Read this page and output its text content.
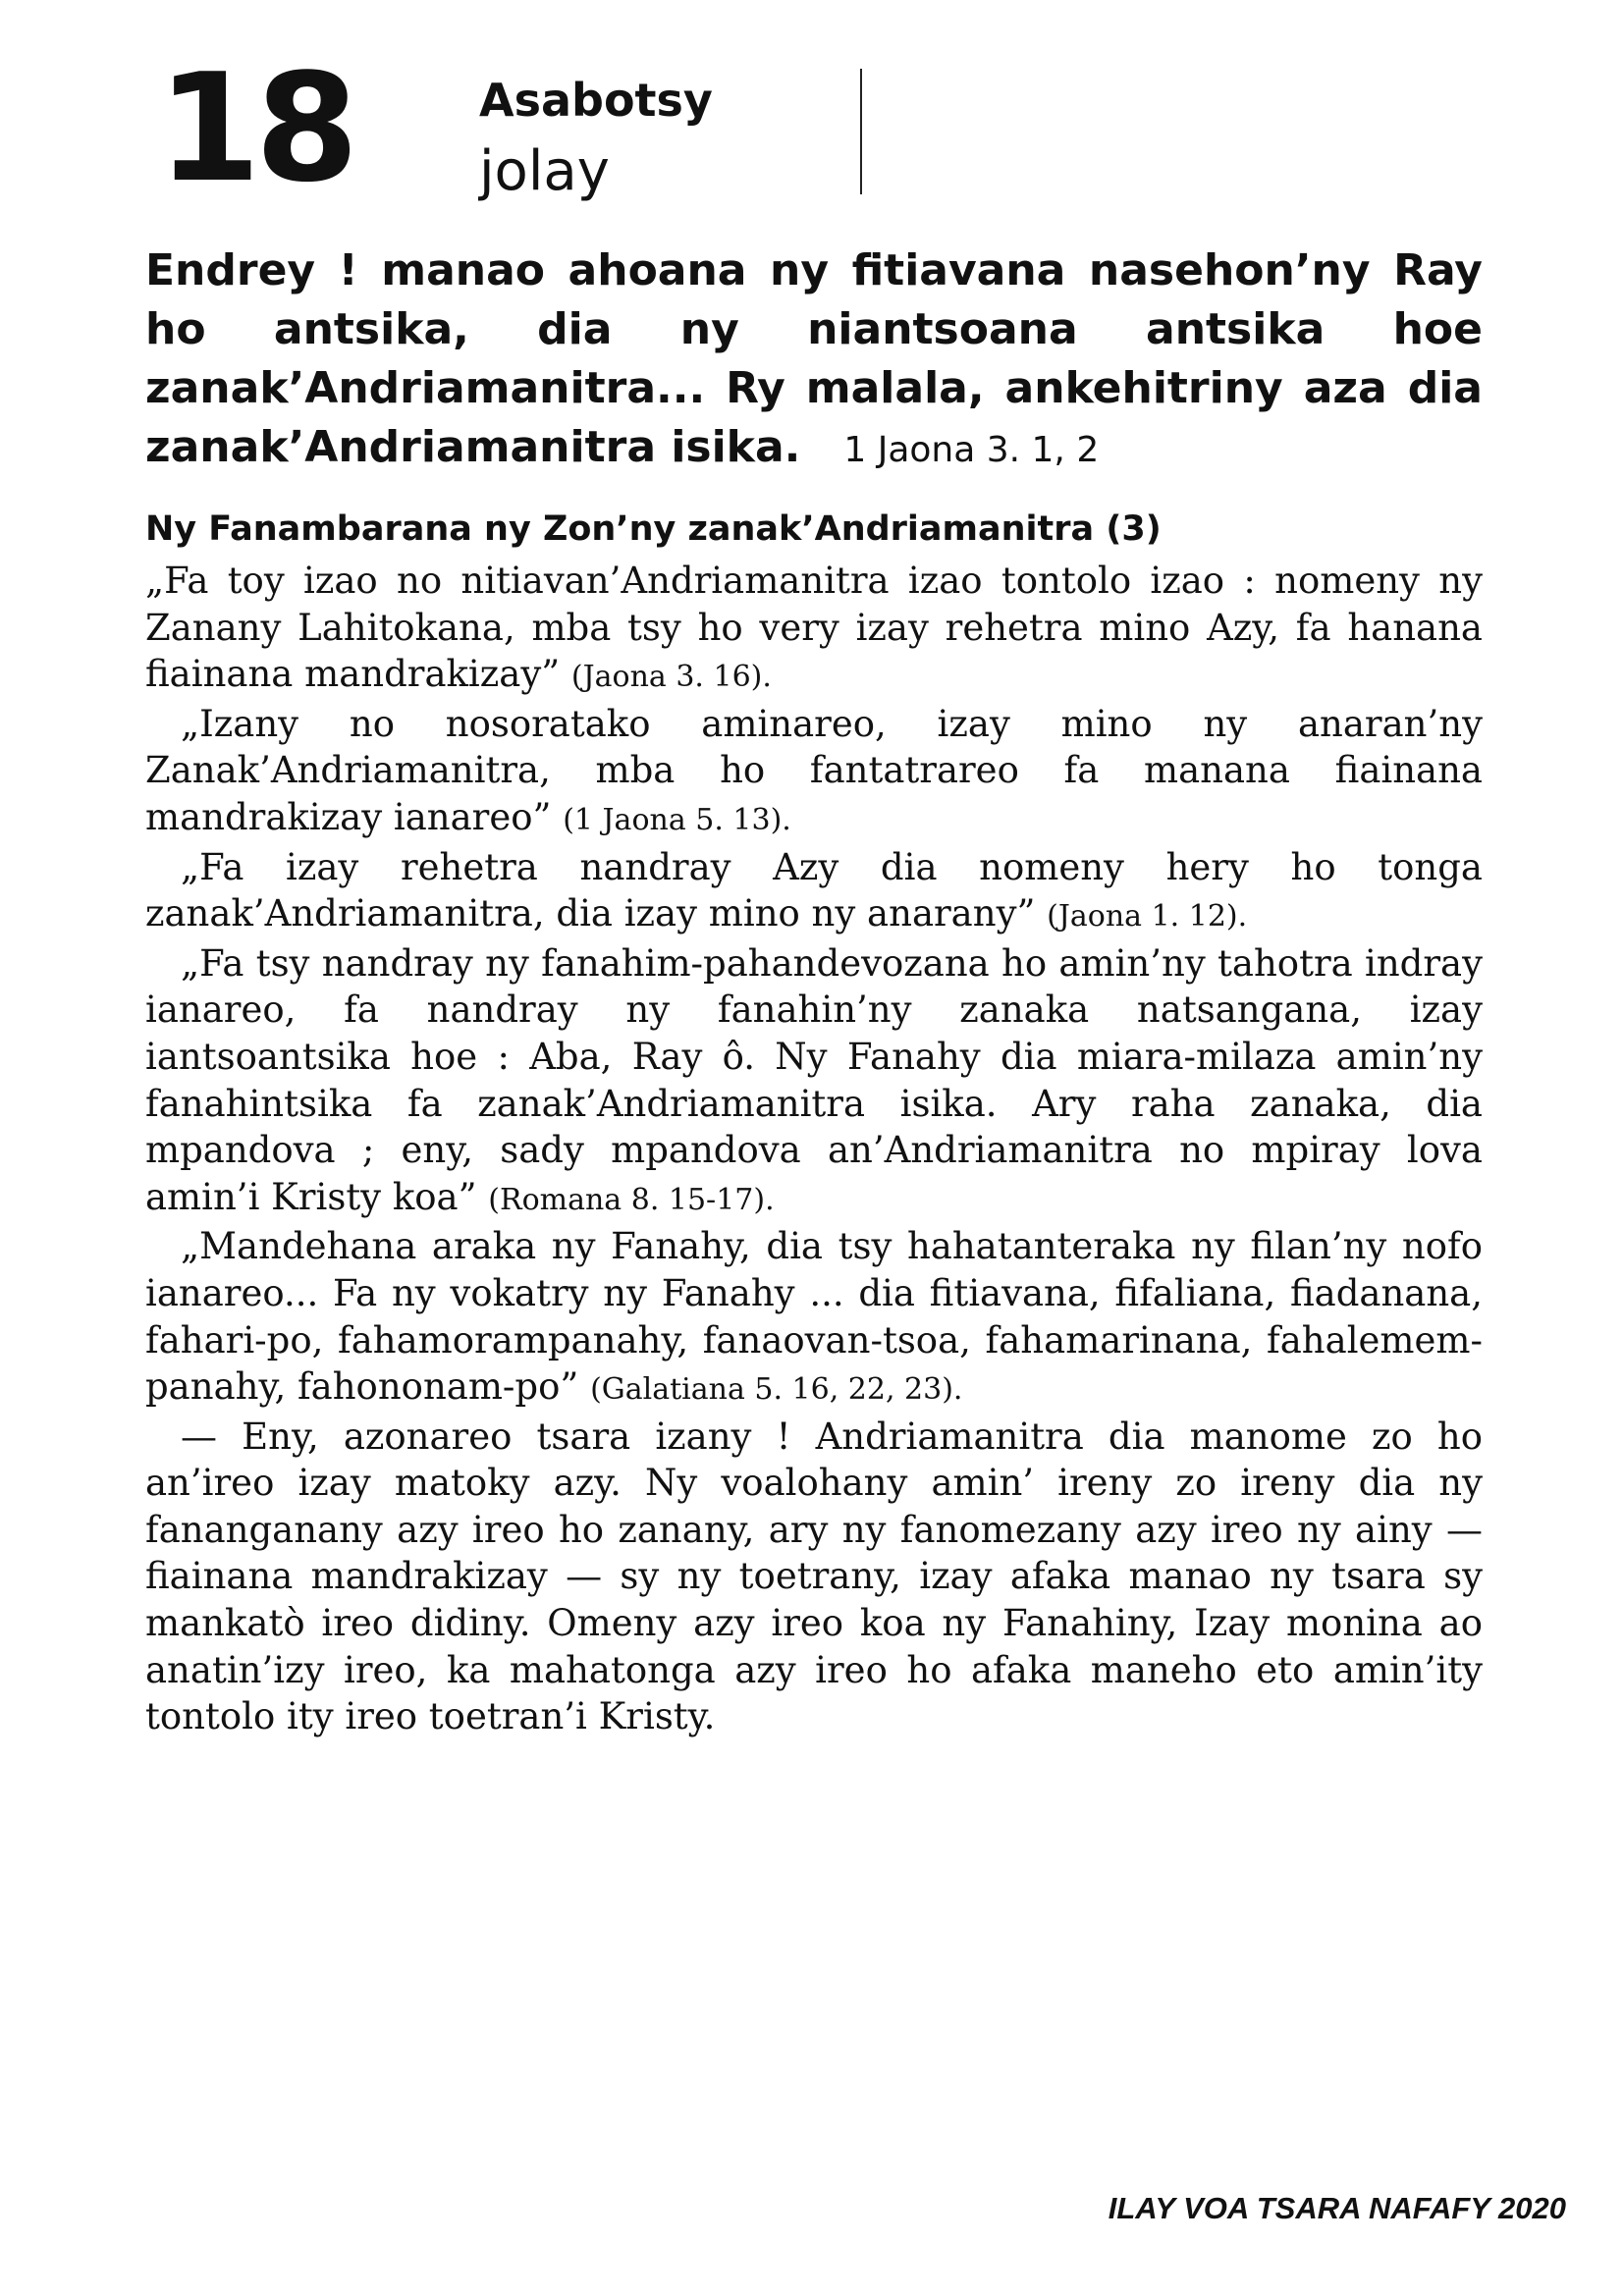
18	Asabotsy
jolay
Endrey ! manao ahoana ny fitiavana nasehon’ny Ray ho antsika, dia ny niantsoana antsika hoe zanak’Andriamanitra... Ry malala, ankehitriny aza dia zanak’Andriamanitra isika. 1 Jaona 3. 1, 2
Ny Fanambarana ny Zon’ny zanak’Andriamanitra (3)

„Fa toy izao no nitiavan’Andriamanitra izao tontolo izao : nomeny ny Zanany Lahitokana, mba tsy ho very izay rehetra mino Azy, fa hanana fiainana mandrakizay” (Jaona 3. 16).

„Izany no nosoratako aminareo, izay mino ny anaran’ny Zanak’Andriamanitra, mba ho fantatrareo fa manana fiainana mandrakizay ianareo” (1 Jaona 5. 13).

„Fa izay rehetra nandray Azy dia nomeny hery ho tonga zanak’Andriamanitra, dia izay mino ny anarany” (Jaona 1. 12).

„Fa tsy nandray ny fanahim-pahandevozana ho amin’ny tahotra indray ianareo, fa nandray ny fanahin’ny zanaka natsangana, izay iantsoantsika hoe : Aba, Ray ô. Ny Fanahy dia miara-milaza amin’ny fanahintsika fa zanak’Andriamanitra isika. Ary raha zanaka, dia mpandova ; eny, sady mpandova an’Andriamanitra no mpiray lova amin’i Kristy koa” (Romana 8. 15-17).

„Mandehana araka ny Fanahy, dia tsy hahatanteraka ny filan’ny nofo ianareo... Fa ny vokatry ny Fanahy ... dia fitiavana, fifaliana, fiadanana, fahari-po, fahamorampanahy, fanaovan-tsoa, fahamarinana, fahalemem-panahy, fahononam-po” (Galatiana 5. 16, 22, 23).

— Eny, azonareo tsara izany ! Andriamanitra dia manome zo ho an’ireo izay matoky azy. Ny voalohany amin’ ireny zo ireny dia ny fananganany azy ireo ho zanany, ary ny fanomezany azy ireo ny ainy — fiainana mandrakizay — sy ny toetrany, izay afaka manao ny tsara sy mankatò ireo didiny. Omeny azy ireo koa ny Fanahiny, Izay monina ao anatin’izy ireo, ka mahatonga azy ireo ho afaka maneho eto amin’ity tontolo ity ireo toetran’i Kristy.

ILAY VOA TSARA NAFAFY 2020
